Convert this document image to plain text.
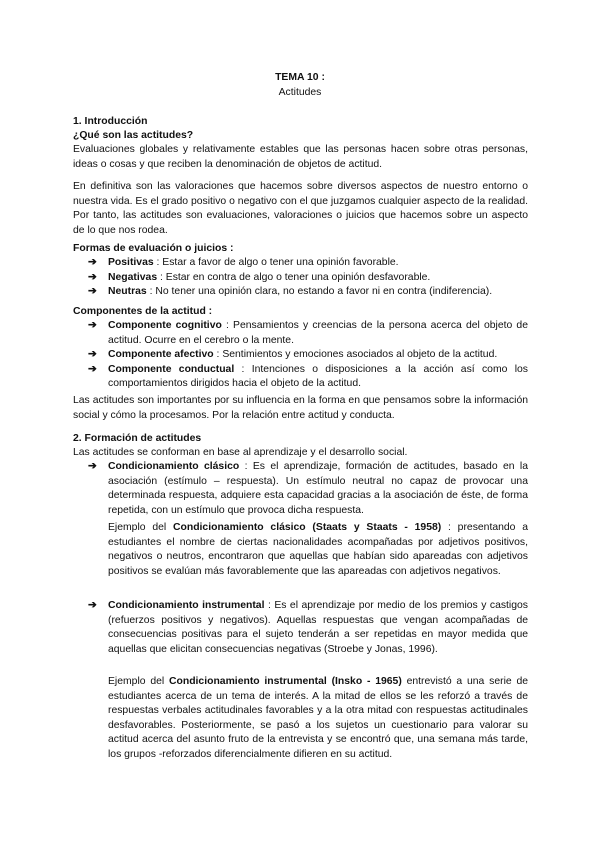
TEMA 10 :
Actitudes
1. Introducción
¿Qué son las actitudes?
Evaluaciones globales y relativamente estables que las personas hacen sobre otras personas, ideas o cosas y que reciben la denominación de objetos de actitud.
En definitiva son las valoraciones que hacemos sobre diversos aspectos de nuestro entorno o nuestra vida. Es el grado positivo o negativo con el que juzgamos cualquier aspecto de la realidad. Por tanto, las actitudes son evaluaciones, valoraciones o juicios que hacemos sobre un aspecto de lo que nos rodea.
Formas de evaluación o juicios :
➔ Positivas : Estar a favor de algo o tener una opinión favorable.
➔ Negativas : Estar en contra de algo o tener una opinión desfavorable.
➔ Neutras : No tener una opinión clara, no estando a favor ni en contra (indiferencia).
Componentes de la actitud :
➔ Componente cognitivo : Pensamientos y creencias de la persona acerca del objeto de actitud. Ocurre en el cerebro o la mente.
➔ Componente afectivo : Sentimientos y emociones asociados al objeto de la actitud.
➔ Componente conductual : Intenciones o disposiciones a la acción así como los comportamientos dirigidos hacia el objeto de la actitud.
Las actitudes son importantes por su influencia en la forma en que pensamos sobre la información social y cómo la procesamos. Por la relación entre actitud y conducta.
2. Formación de actitudes
Las actitudes se conforman en base al aprendizaje y el desarrollo social.
➔ Condicionamiento clásico : Es el aprendizaje, formación de actitudes, basado en la asociación (estímulo – respuesta). Un estímulo neutral no capaz de provocar una determinada respuesta, adquiere esta capacidad gracias a la asociación de éste, de forma repetida, con un estímulo que provoca dicha respuesta.
Ejemplo del Condicionamiento clásico (Staats y Staats - 1958) : presentando a estudiantes el nombre de ciertas nacionalidades acompañadas por adjetivos positivos, negativos o neutros, encontraron que aquellas que habían sido apareadas con adjetivos positivos se evalúan más favorablemente que las apareadas con adjetivos negativos.
➔ Condicionamiento instrumental : Es el aprendizaje por medio de los premios y castigos (refuerzos positivos y negativos). Aquellas respuestas que vengan acompañadas de consecuencias positivas para el sujeto tenderán a ser repetidas en mayor medida que aquellas que elicitan consecuencias negativas (Stroebe y Jonas, 1996).
Ejemplo del Condicionamiento instrumental (Insko - 1965) entrevistó a una serie de estudiantes acerca de un tema de interés. A la mitad de ellos se les reforzó a través de respuestas verbales actitudinales favorables y a la otra mitad con respuestas actitudinales desfavorables. Posteriormente, se pasó a los sujetos un cuestionario para valorar su actitud acerca del asunto fruto de la entrevista y se encontró que, una semana más tarde, los grupos -reforzados diferencialmente difieren en su actitud.
